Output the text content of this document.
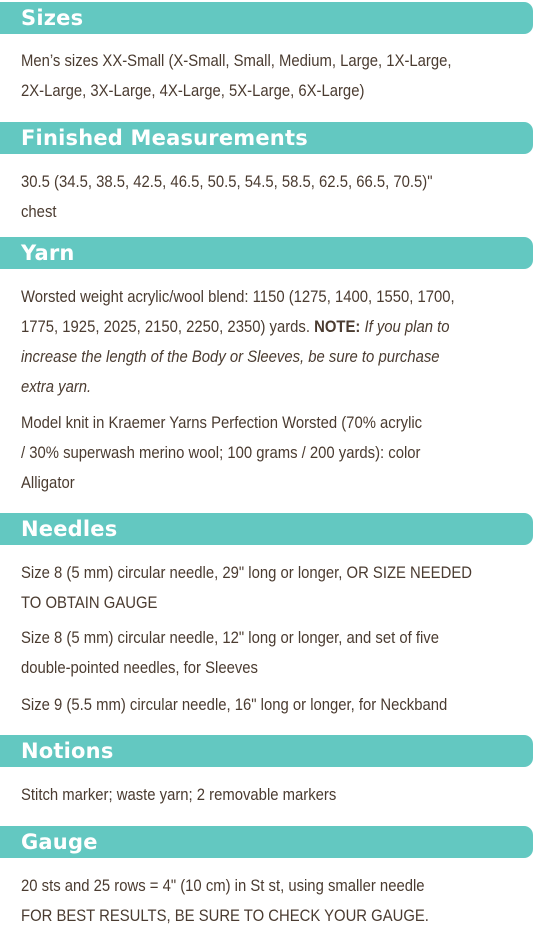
Sizes
Men’s sizes XX-Small (X-Small, Small, Medium, Large, 1X-Large,
2X-Large, 3X-Large, 4X-Large, 5X-Large, 6X-Large)
Finished Measurements
30.5 (34.5, 38.5, 42.5, 46.5, 50.5, 54.5, 58.5, 62.5, 66.5, 70.5)"
chest
Yarn
Worsted weight acrylic/wool blend: 1150 (1275, 1400, 1550, 1700,
1775, 1925, 2025, 2150, 2250, 2350) yards. NOTE: If you plan to
increase the length of the Body or Sleeves, be sure to purchase
extra yarn.
Model knit in Kraemer Yarns Perfection Worsted (70% acrylic
/ 30% superwash merino wool; 100 grams / 200 yards): color
Alligator
Needles
Size 8 (5 mm) circular needle, 29" long or longer, OR SIZE NEEDED
TO OBTAIN GAUGE
Size 8 (5 mm) circular needle, 12" long or longer, and set of five
double-pointed needles, for Sleeves
Size 9 (5.5 mm) circular needle, 16" long or longer, for Neckband
Notions
Stitch marker; waste yarn; 2 removable markers
Gauge
20 sts and 25 rows = 4" (10 cm) in St st, using smaller needle
FOR BEST RESULTS, BE SURE TO CHECK YOUR GAUGE.
